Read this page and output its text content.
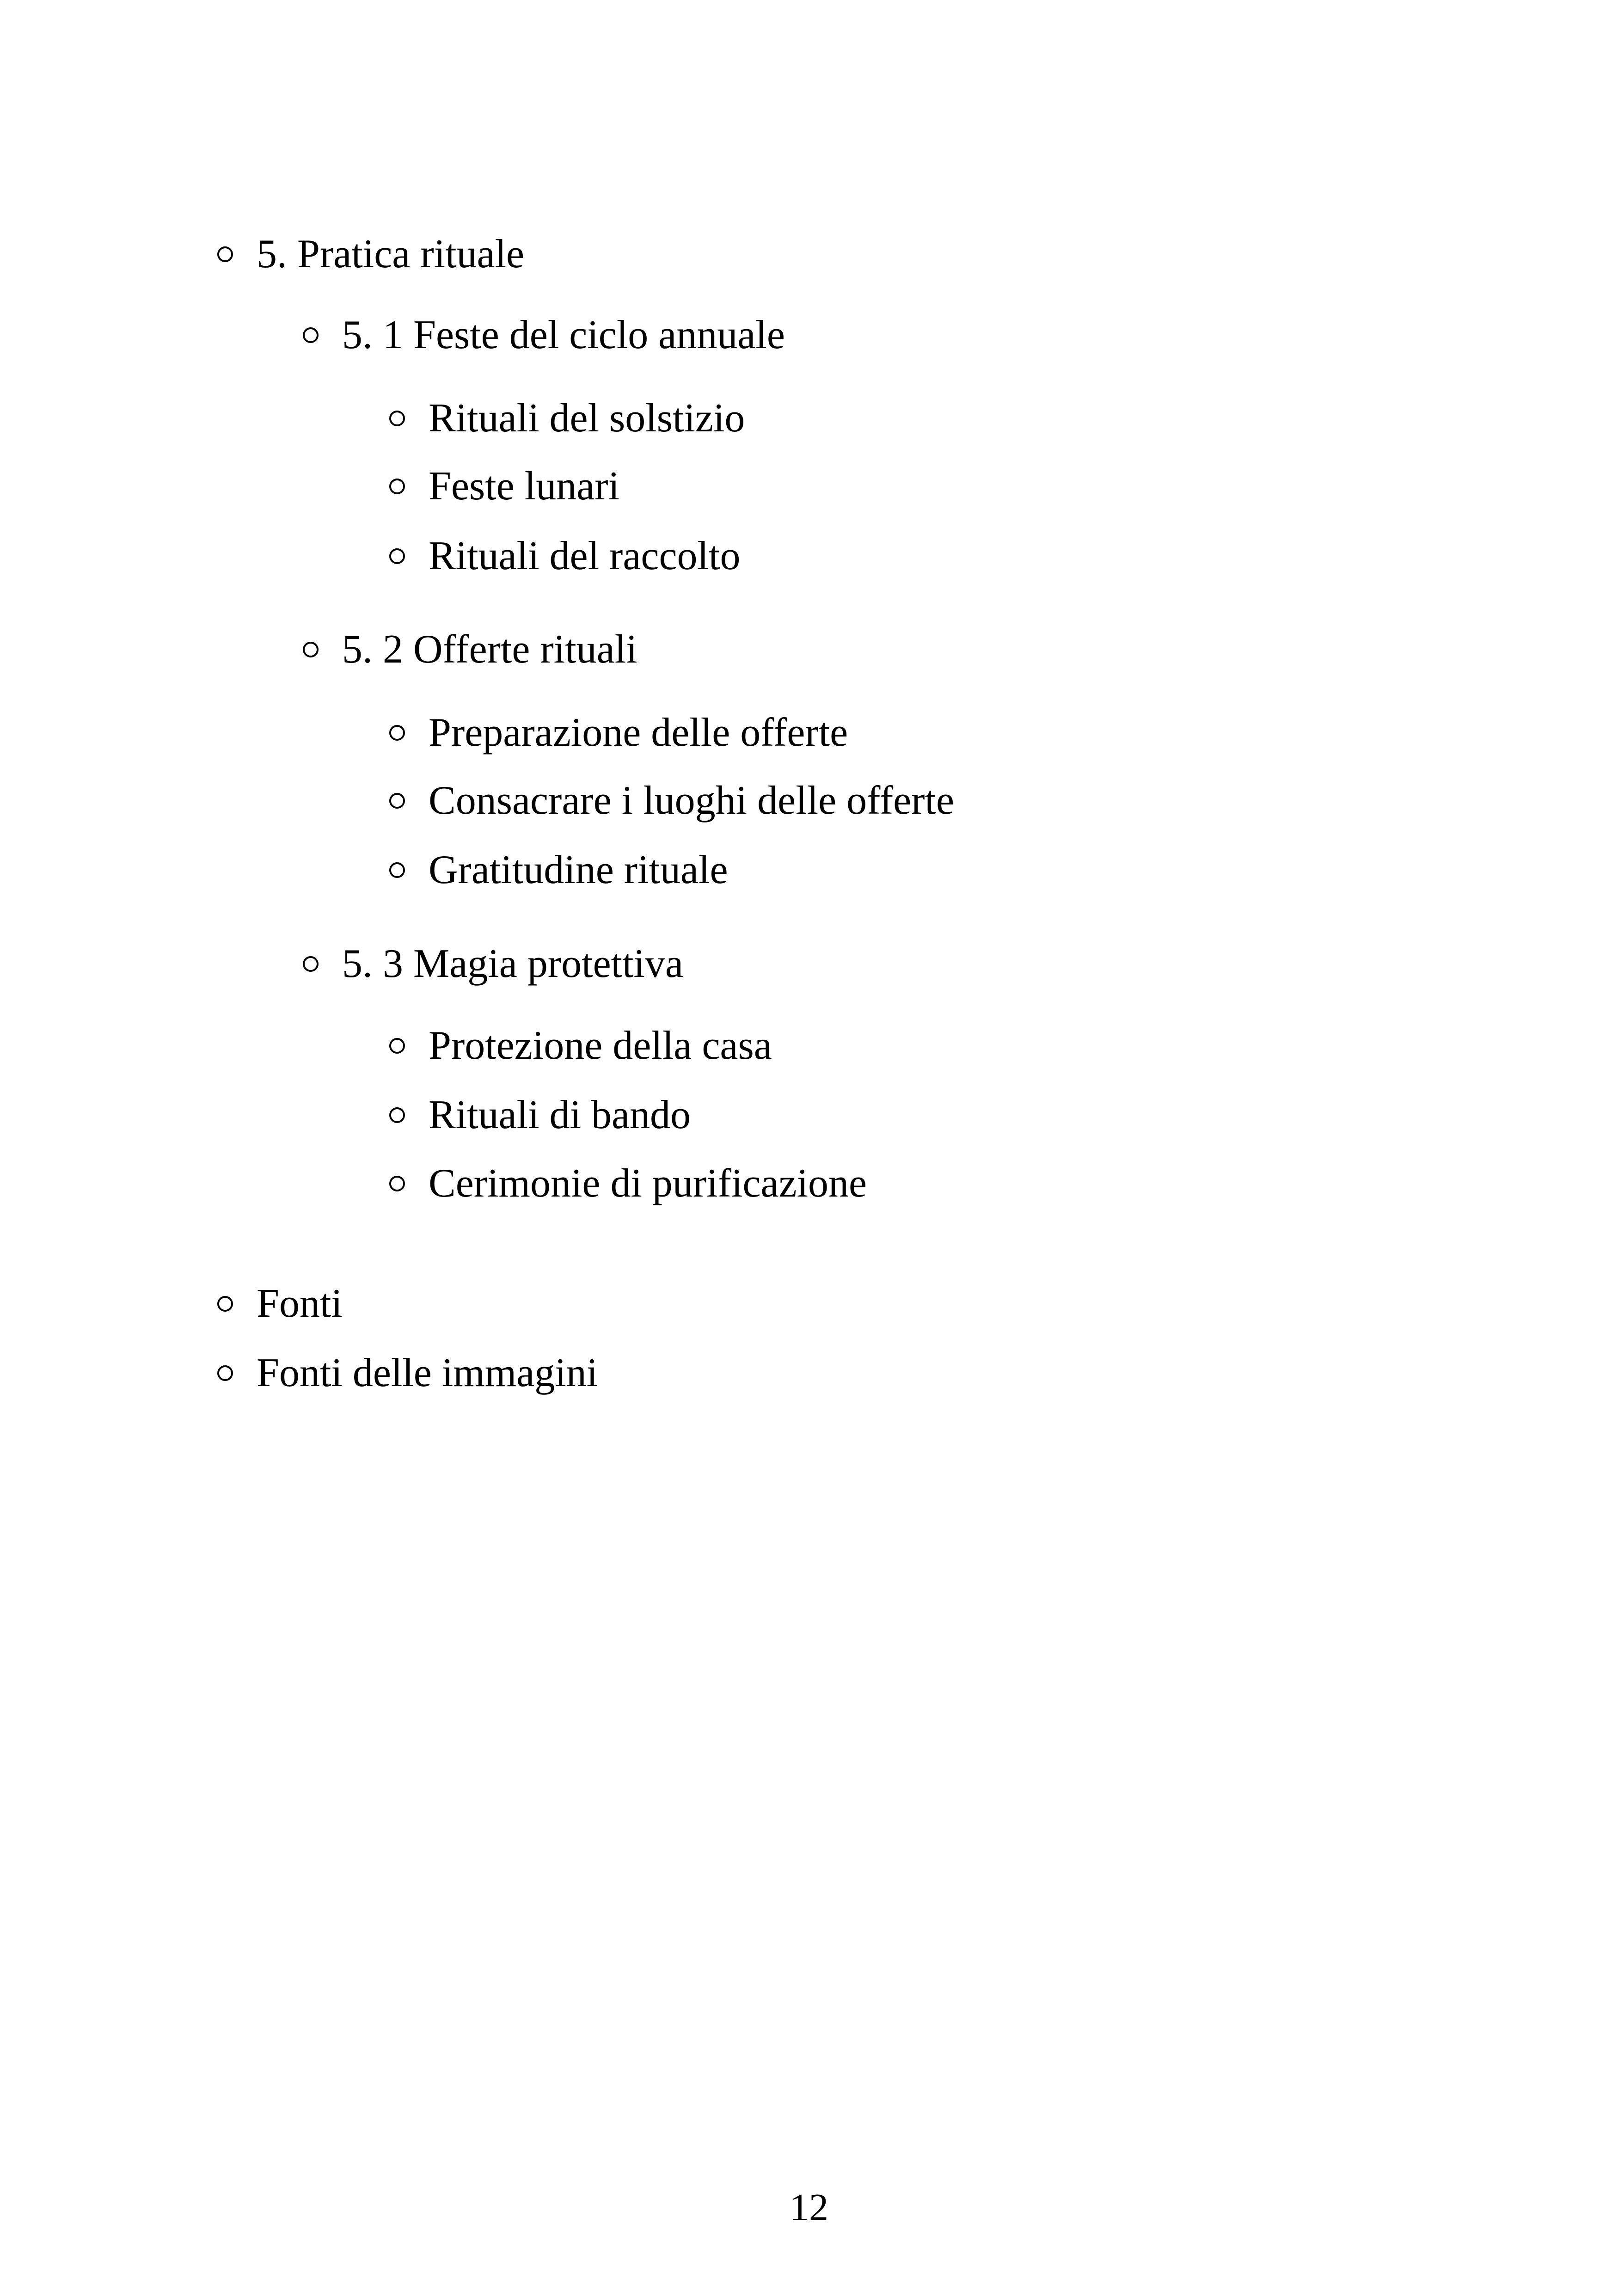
5. Pratica rituale
5. 1 Feste del ciclo annuale
Rituali del solstizio
Feste lunari
Rituali del raccolto
5. 2 Offerte rituali
Preparazione delle offerte
Consacrare i luoghi delle offerte
Gratitudine rituale
5. 3 Magia protettiva
Protezione della casa
Rituali di bando
Cerimonie di purificazione
Fonti
Fonti delle immagini
12
